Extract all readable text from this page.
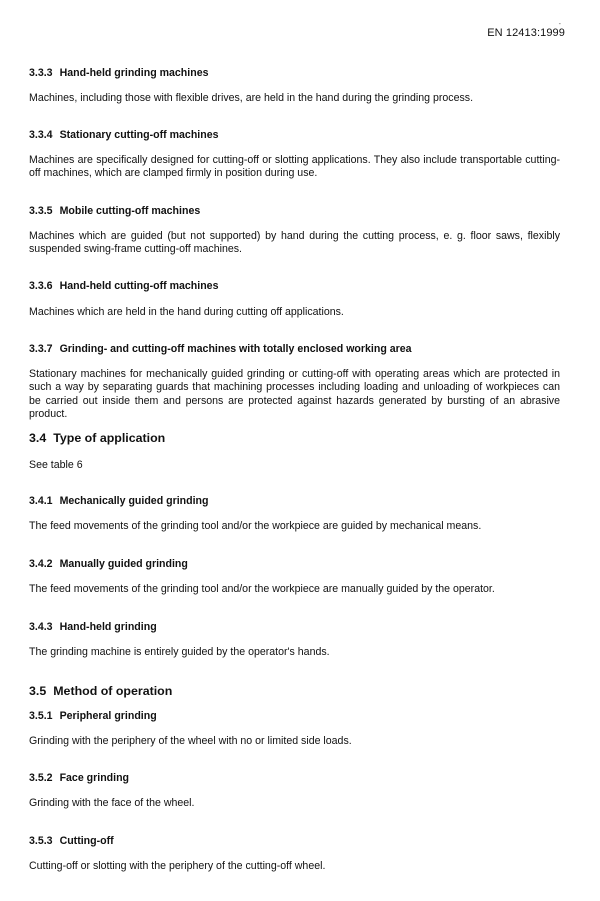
-
EN 12413:1999
3.3.3 Hand-held grinding machines

Machines, including those with flexible drives, are held in the hand during the grinding process.

3.3.4 Stationary cutting-off machines

Machines are specifically designed for cutting-off or slotting applications. They also include transportable cutting-off machines, which are clamped firmly in position during use.

3.3.5 Mobile cutting-off machines

Machines which are guided (but not supported) by hand during the cutting process, e. g. floor saws, flexibly suspended swing-frame cutting-off machines.

3.3.6 Hand-held cutting-off machines

Machines which are held in the hand during cutting off applications.

3.3.7 Grinding- and cutting-off machines with totally enclosed working area

Stationary machines for mechanically guided grinding or cutting-off with operating areas which are protected in such a way by separating guards that machining processes including loading and unloading of workpieces can be carried out inside them and persons are protected against hazards generated by bursting of an abrasive product.

3.4 Type of application

See table 6

3.4.1 Mechanically guided grinding

The feed movements of the grinding tool and/or the workpiece are guided by mechanical means.

3.4.2 Manually guided grinding

The feed movements of the grinding tool and/or the workpiece are manually guided by the operator.

3.4.3 Hand-held grinding

The grinding machine is entirely guided by the operator's hands.

3.5 Method of operation
3.5.1 Peripheral grinding

Grinding with the periphery of the wheel with no or limited side loads.

3.5.2 Face grinding

Grinding with the face of the wheel.

3.5.3 Cutting-off

Cutting-off or slotting with the periphery of the cutting-off wheel.
